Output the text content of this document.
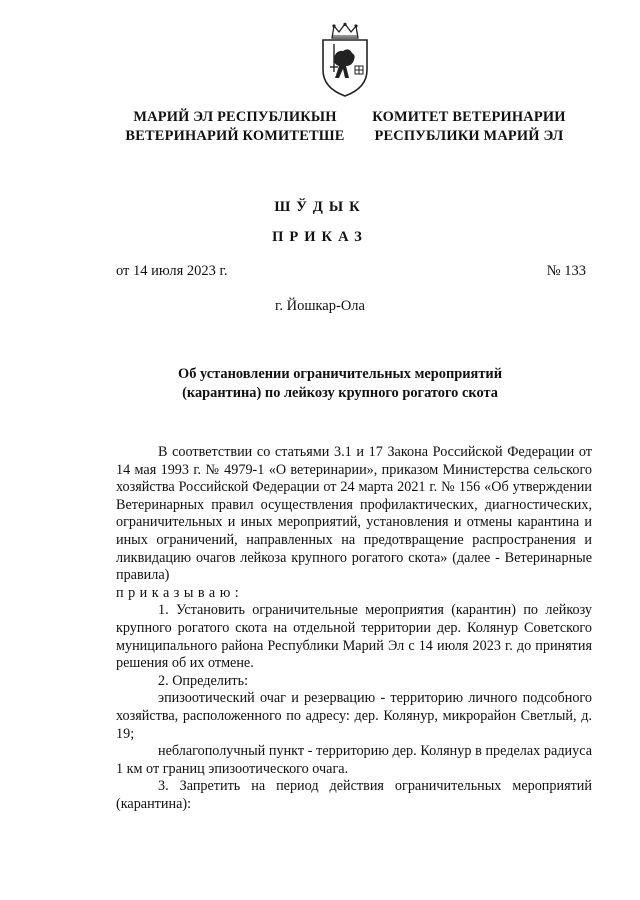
МАРИЙ ЭЛ РЕСПУБЛИКЫН
ВЕТЕРИНАРИЙ КОМИТЕТШЕ
КОМИТЕТ ВЕТЕРИНАРИИ
РЕСПУБЛИКИ МАРИЙ ЭЛ
ШЎДЫК
ПРИКАЗ
от 14 июля 2023 г.	№ 133
г. Йошкар-Ола
Об установлении ограничительных мероприятий
(карантина) по лейкозу крупного рогатого скота

В соответствии со статьями 3.1 и 17 Закона Российской Федерации от 14 мая 1993 г. № 4979-1 «О ветеринарии», приказом Министерства сельского хозяйства Российской Федерации от 24 марта 2021 г. № 156 «Об утверждении Ветеринарных правил осуществления профилактических, диагностических, ограничительных и иных мероприятий, установления и отмены карантина и иных ограничений, направленных на предотвращение распространения и ликвидацию очагов лейкоза крупного рогатого скота» (далее - Ветеринарные правила)

приказываю:

1. Установить ограничительные мероприятия (карантин) по лейкозу крупного рогатого скота на отдельной территории дер. Колянур Советского муниципального района Республики Марий Эл с 14 июля 2023 г. до принятия решения об их отмене.

2. Определить:

эпизоотический очаг и резервацию - территорию личного подсобного хозяйства, расположенного по адресу: дер. Колянур, микрорайон Светлый, д. 19;

неблагополучный пункт - территорию дер. Колянур в пределах радиуса 1 км от границ эпизоотического очага.

3. Запретить на период действия ограничительных мероприятий (карантина):
